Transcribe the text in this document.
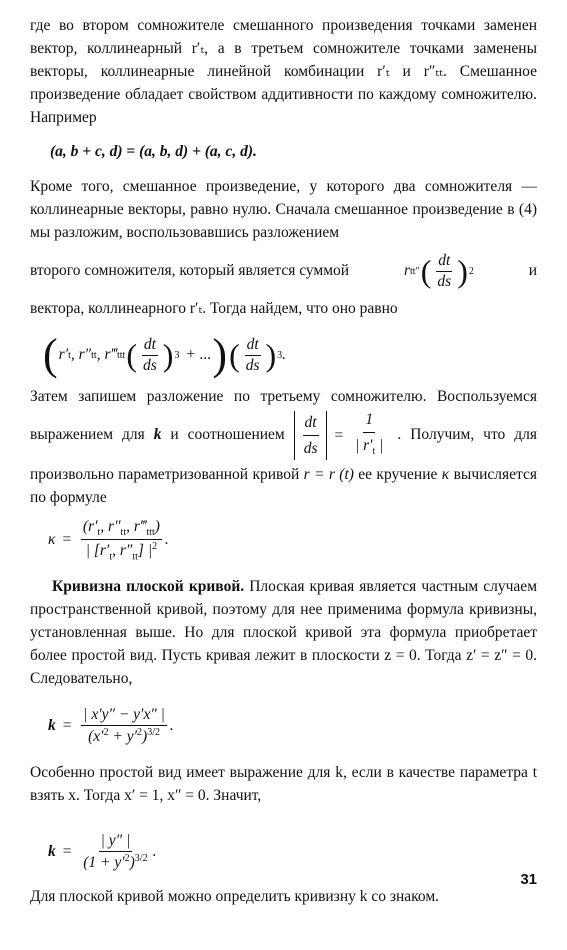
где во втором сомножителе смешанного произведения точками заменен вектор, коллинеарный r′ₜ, а в третьем сомножителе точками заменены векторы, коллинеарные линейной комбинации r′ₜ и r″ₜₜ. Смешанное произведение обладает свойством аддитивности по каждому сомножителю. Например

(a, b + c, d) = (a, b, d) + (a, c, d).

Кроме того, смешанное произведение, у которого два сомножителя — коллинеарные векторы, равно нулю. Сначала смешанное произведение в (4) мы разложим, воспользовавшись разложением

второго сомножителя, который является суммой	r tt ″ ( $\frac{dt}{ds}$ ) 2	и

вектора, коллинеарного r′ₜ. Тогда найдем, что оно равно

( r′ t , r″ tt , r‴ ttt ( $\frac{dt}{ds}$ ) 3 + ... ) ( $\frac{dt}{ds}$ ) 3 .

Затем запишем разложение по третьему сомножителю. Воспользуемся выражением для k и соотношением $\frac{dt}{ds} = \frac{1}{| r'_t |}$ . Получим, что для произвольно параметризованной кривой r = r (t) ее кручение κ вычисляется по формуле

$\kappa = \frac{(r'_t, r''_{tt}, r‴_{ttt})}{| [r'_t, r''_{tt}] |^2}$ .

Кривизна плоской кривой. Плоская кривая является частным случаем пространственной кривой, поэтому для нее применима формула кривизны, установленная выше. Но для плоской кривой эта формула приобретает более простой вид. Пусть кривая лежит в плоскости z = 0. Тогда z′ = z″ = 0. Следовательно,

$k = \frac{| x'y'' - y'x'' |}{(x'^2 + y'^2)^{3/2}}$ .

Особенно простой вид имеет выражение для k, если в качестве параметра t взять x. Тогда x′ = 1, x″ = 0. Значит,

$k = \frac{| y'' |}{(1 + y'^2)^{3/2}}$ .

Для плоской кривой можно определить кривизну k со знаком.

31
